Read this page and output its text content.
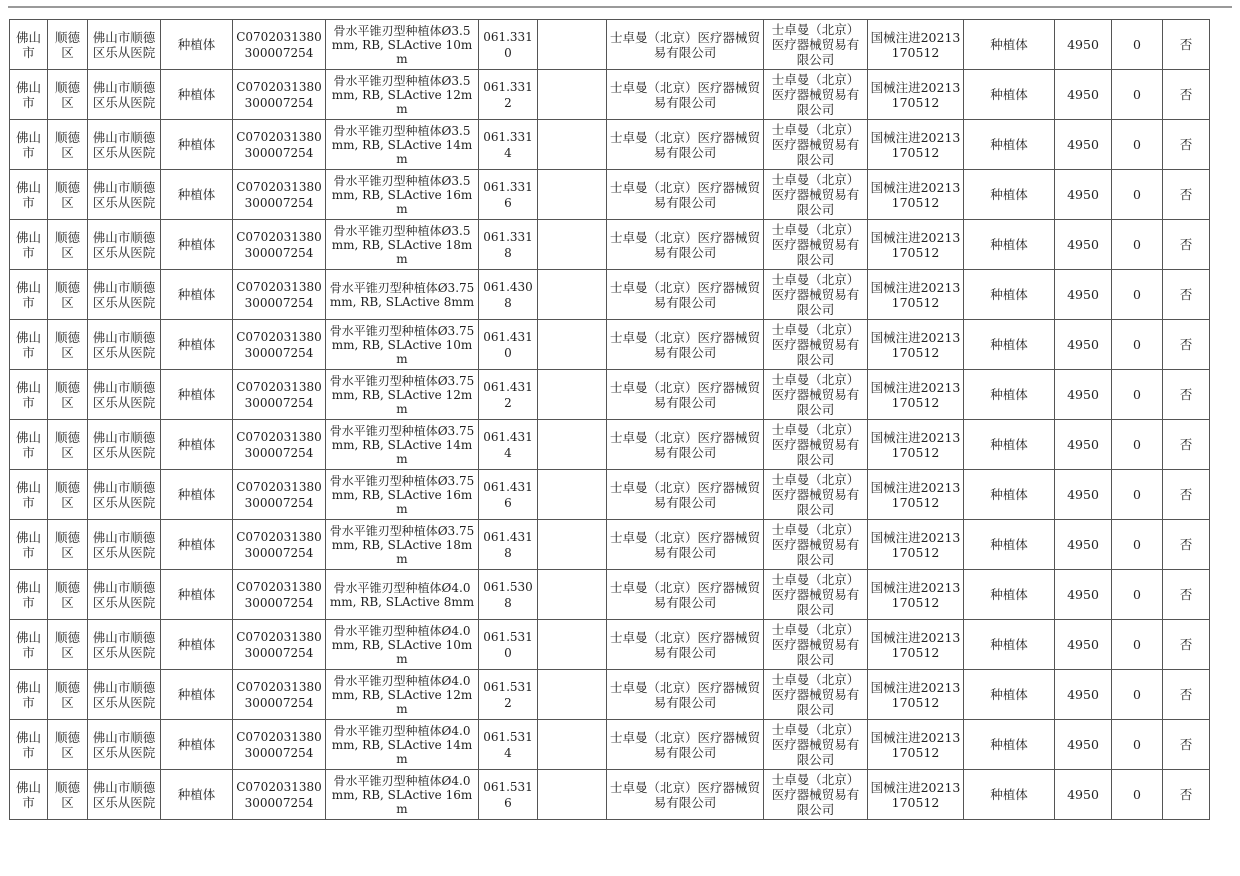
佛山市	顺德区	佛山市顺德区乐从医院	种植体	C0702031380300007254	骨水平锥刃型种植体Ø3.5mm, RB, SLActive 10mm	061.3310		士卓曼（北京）医疗器械贸易有限公司	士卓曼（北京）医疗器械贸易有限公司	国械注进20213170512	种植体	4950	0	否
佛山市	顺德区	佛山市顺德区乐从医院	种植体	C0702031380300007254	骨水平锥刃型种植体Ø3.5mm, RB, SLActive 12mm	061.3312		士卓曼（北京）医疗器械贸易有限公司	士卓曼（北京）医疗器械贸易有限公司	国械注进20213170512	种植体	4950	0	否
佛山市	顺德区	佛山市顺德区乐从医院	种植体	C0702031380300007254	骨水平锥刃型种植体Ø3.5mm, RB, SLActive 14mm	061.3314		士卓曼（北京）医疗器械贸易有限公司	士卓曼（北京）医疗器械贸易有限公司	国械注进20213170512	种植体	4950	0	否
佛山市	顺德区	佛山市顺德区乐从医院	种植体	C0702031380300007254	骨水平锥刃型种植体Ø3.5mm, RB, SLActive 16mm	061.3316		士卓曼（北京）医疗器械贸易有限公司	士卓曼（北京）医疗器械贸易有限公司	国械注进20213170512	种植体	4950	0	否
佛山市	顺德区	佛山市顺德区乐从医院	种植体	C0702031380300007254	骨水平锥刃型种植体Ø3.5mm, RB, SLActive 18mm	061.3318		士卓曼（北京）医疗器械贸易有限公司	士卓曼（北京）医疗器械贸易有限公司	国械注进20213170512	种植体	4950	0	否
佛山市	顺德区	佛山市顺德区乐从医院	种植体	C0702031380300007254	骨水平锥刃型种植体Ø3.75mm, RB, SLActive 8mm	061.4308		士卓曼（北京）医疗器械贸易有限公司	士卓曼（北京）医疗器械贸易有限公司	国械注进20213170512	种植体	4950	0	否
佛山市	顺德区	佛山市顺德区乐从医院	种植体	C0702031380300007254	骨水平锥刃型种植体Ø3.75mm, RB, SLActive 10mm	061.4310		士卓曼（北京）医疗器械贸易有限公司	士卓曼（北京）医疗器械贸易有限公司	国械注进20213170512	种植体	4950	0	否
佛山市	顺德区	佛山市顺德区乐从医院	种植体	C0702031380300007254	骨水平锥刃型种植体Ø3.75mm, RB, SLActive 12mm	061.4312		士卓曼（北京）医疗器械贸易有限公司	士卓曼（北京）医疗器械贸易有限公司	国械注进20213170512	种植体	4950	0	否
佛山市	顺德区	佛山市顺德区乐从医院	种植体	C0702031380300007254	骨水平锥刃型种植体Ø3.75mm, RB, SLActive 14mm	061.4314		士卓曼（北京）医疗器械贸易有限公司	士卓曼（北京）医疗器械贸易有限公司	国械注进20213170512	种植体	4950	0	否
佛山市	顺德区	佛山市顺德区乐从医院	种植体	C0702031380300007254	骨水平锥刃型种植体Ø3.75mm, RB, SLActive 16mm	061.4316		士卓曼（北京）医疗器械贸易有限公司	士卓曼（北京）医疗器械贸易有限公司	国械注进20213170512	种植体	4950	0	否
佛山市	顺德区	佛山市顺德区乐从医院	种植体	C0702031380300007254	骨水平锥刃型种植体Ø3.75mm, RB, SLActive 18mm	061.4318		士卓曼（北京）医疗器械贸易有限公司	士卓曼（北京）医疗器械贸易有限公司	国械注进20213170512	种植体	4950	0	否
佛山市	顺德区	佛山市顺德区乐从医院	种植体	C0702031380300007254	骨水平锥刃型种植体Ø4.0mm, RB, SLActive 8mm	061.5308		士卓曼（北京）医疗器械贸易有限公司	士卓曼（北京）医疗器械贸易有限公司	国械注进20213170512	种植体	4950	0	否
佛山市	顺德区	佛山市顺德区乐从医院	种植体	C0702031380300007254	骨水平锥刃型种植体Ø4.0mm, RB, SLActive 10mm	061.5310		士卓曼（北京）医疗器械贸易有限公司	士卓曼（北京）医疗器械贸易有限公司	国械注进20213170512	种植体	4950	0	否
佛山市	顺德区	佛山市顺德区乐从医院	种植体	C0702031380300007254	骨水平锥刃型种植体Ø4.0mm, RB, SLActive 12mm	061.5312		士卓曼（北京）医疗器械贸易有限公司	士卓曼（北京）医疗器械贸易有限公司	国械注进20213170512	种植体	4950	0	否
佛山市	顺德区	佛山市顺德区乐从医院	种植体	C0702031380300007254	骨水平锥刃型种植体Ø4.0mm, RB, SLActive 14mm	061.5314		士卓曼（北京）医疗器械贸易有限公司	士卓曼（北京）医疗器械贸易有限公司	国械注进20213170512	种植体	4950	0	否
佛山市	顺德区	佛山市顺德区乐从医院	种植体	C0702031380300007254	骨水平锥刃型种植体Ø4.0mm, RB, SLActive 16mm	061.5316		士卓曼（北京）医疗器械贸易有限公司	士卓曼（北京）医疗器械贸易有限公司	国械注进20213170512	种植体	4950	0	否
